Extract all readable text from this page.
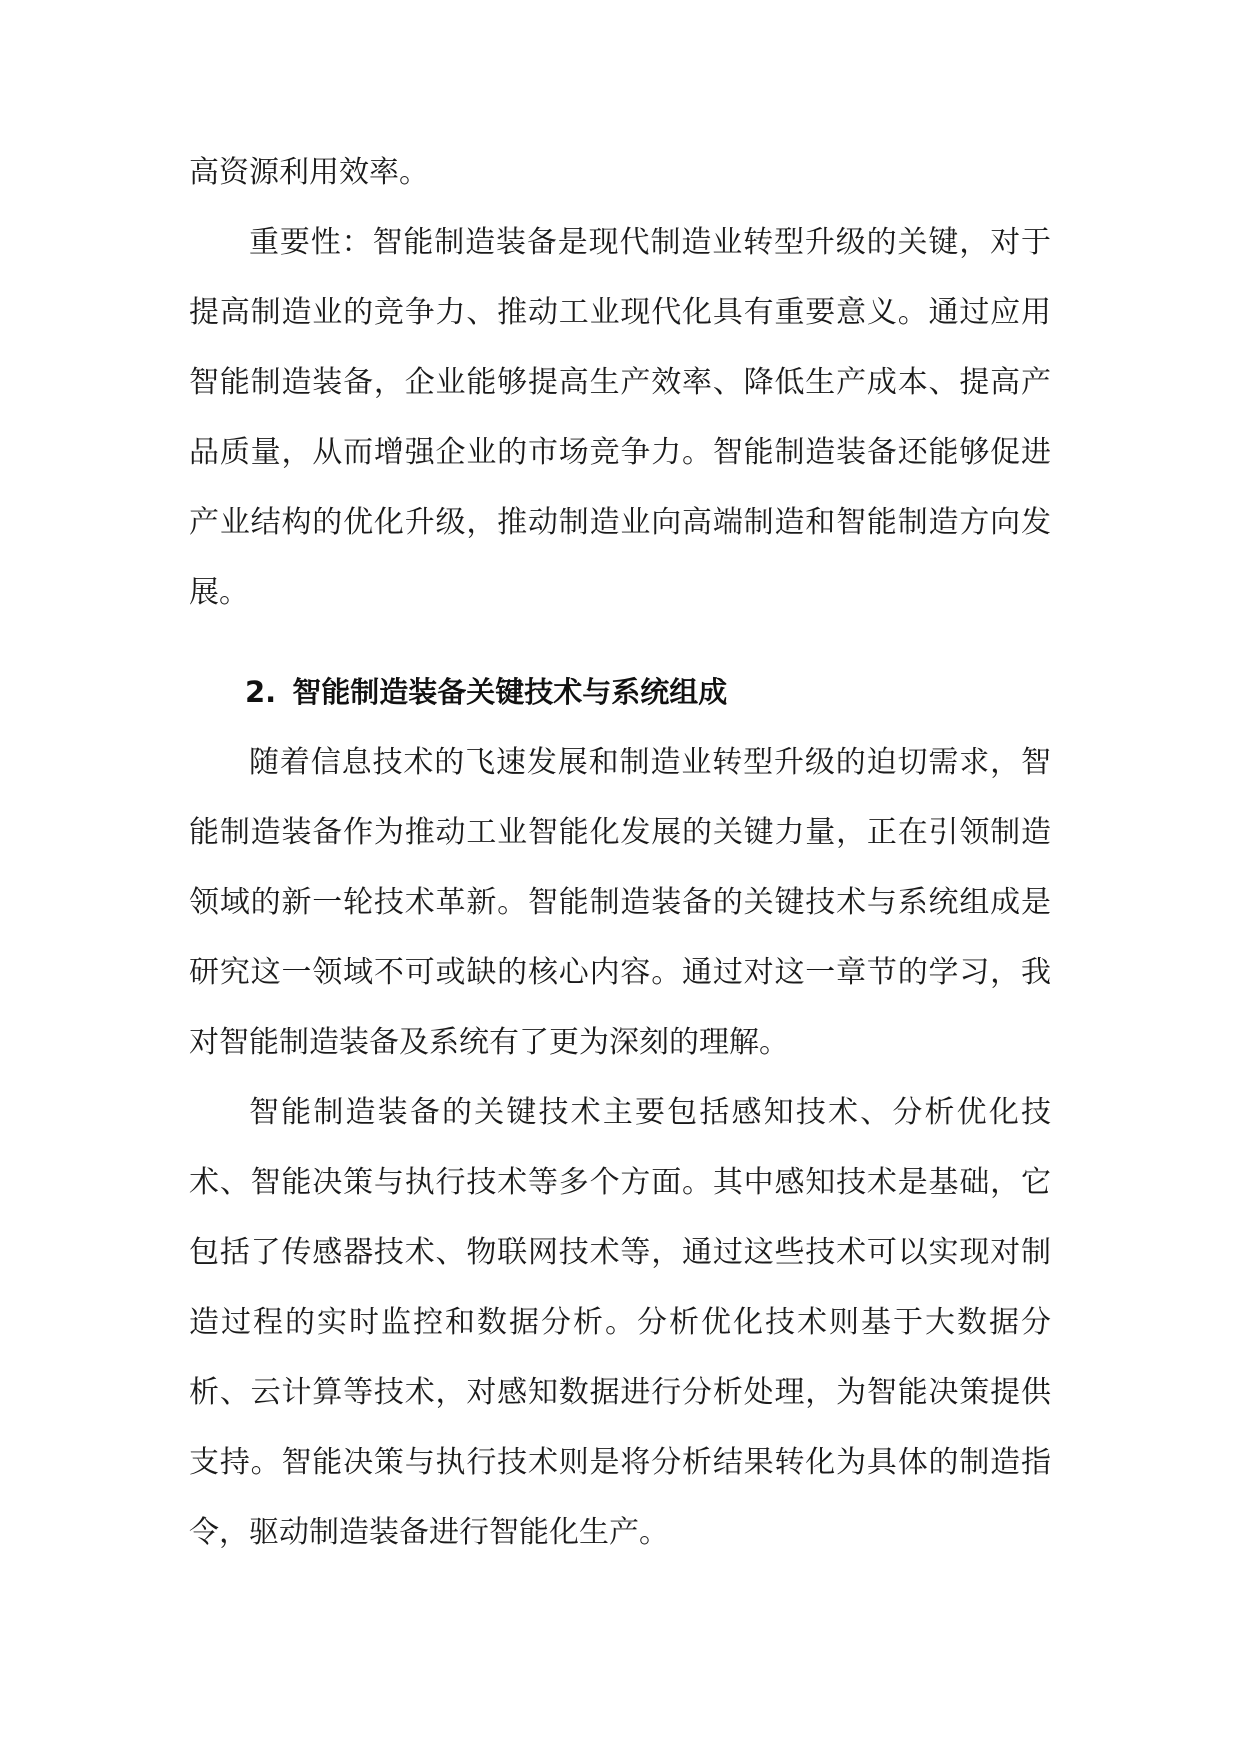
高资源利用效率。

重要性：智能制造装备是现代制造业转型升级的关键，对于提高制造业的竞争力、推动工业现代化具有重要意义。通过应用智能制造装备，企业能够提高生产效率、降低生产成本、提高产品质量，从而增强企业的市场竞争力。智能制造装备还能够促进产业结构的优化升级，推动制造业向高端制造和智能制造方向发展。

2. 智能制造装备关键技术与系统组成

随着信息技术的飞速发展和制造业转型升级的迫切需求，智能制造装备作为推动工业智能化发展的关键力量，正在引领制造领域的新一轮技术革新。智能制造装备的关键技术与系统组成是研究这一领域不可或缺的核心内容。通过对这一章节的学习，我对智能制造装备及系统有了更为深刻的理解。

智能制造装备的关键技术主要包括感知技术、分析优化技术、智能决策与执行技术等多个方面。其中感知技术是基础，它包括了传感器技术、物联网技术等，通过这些技术可以实现对制造过程的实时监控和数据分析。分析优化技术则基于大数据分析、云计算等技术，对感知数据进行分析处理，为智能决策提供支持。智能决策与执行技术则是将分析结果转化为具体的制造指令，驱动制造装备进行智能化生产。
